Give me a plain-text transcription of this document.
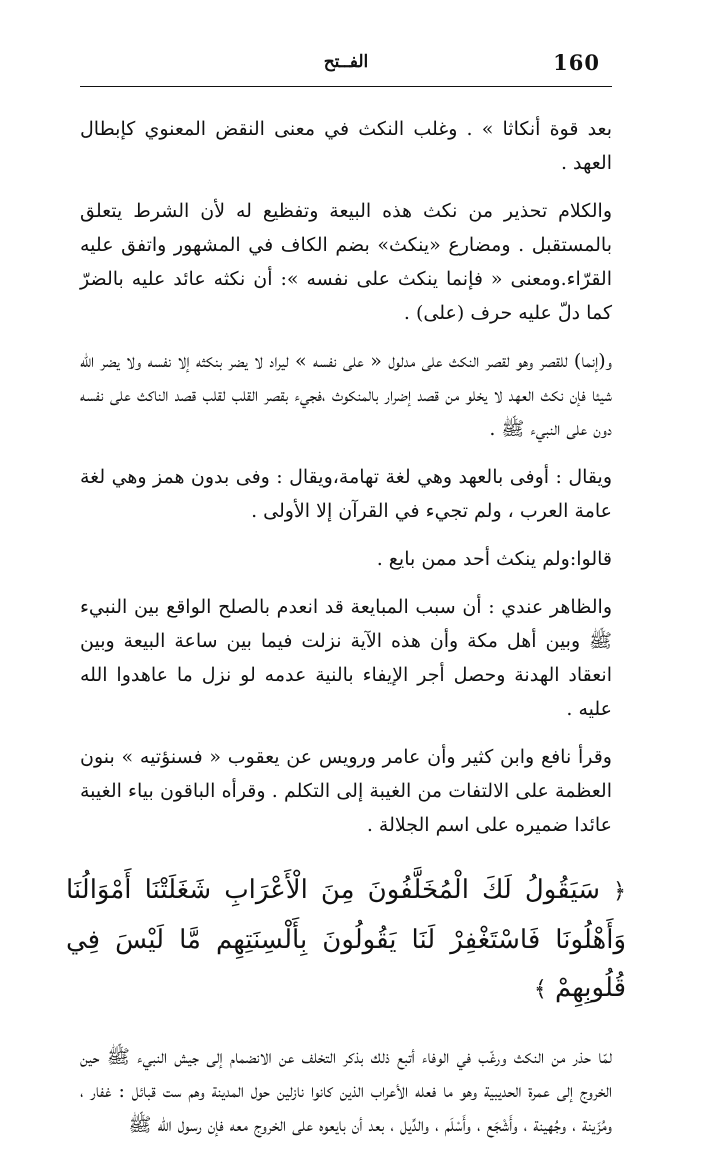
160
الفــتح

بعد قوة أنكاثا » . وغلب النكث في معنى النقض المعنوي كإبطال العهد .

والكلام تحذير من نكث هذه البيعة وتفظيع له لأن الشرط يتعلق بالمستقبل . ومضارع «ينكث» بضم الكاف في المشهور واتفق عليه القرّاء.ومعنى « فإنما ينكث على نفسه »: أن نكثه عائد عليه بالضرّ كما دلّ عليه حرف (على) .

و(إنما) للقصر وهو لقصر النكث على مدلول « على نفسه » ليراد لا يضر بنكثه إلا نفسه ولا يضر الله شيئا فإن نكث العهد لا يخلو من قصد إضرار بالمنكوث ،فجيء بقصر القلب لقلب قصد الناكث على نفسه دون على النبيء ﷺ .

ويقال : أوفى بالعهد وهي لغة تهامة،ويقال : وفى بدون همز وهي لغة عامة العرب ، ولم تجيء في القرآن إلا الأولى .

قالوا:ولم ينكث أحد ممن بايع .

والظاهر عندي : أن سبب المبايعة قد انعدم بالصلح الواقع بين النبيء ﷺ وبين أهل مكة وأن هذه الآية نزلت فيما بين ساعة البيعة وبين انعقاد الهدنة وحصل أجر الإيفاء بالنية عدمه لو نزل ما عاهدوا الله عليه .

وقرأ نافع وابن كثير وأن عامر ورويس عن يعقوب « فسنؤتيه » بنون العظمة على الالتفات من الغيبة إلى التكلم . وقرأه الباقون بياء الغيبة عائدا ضميره على اسم الجلالة .

﴿ سَيَقُولُ لَكَ الْمُخَلَّفُونَ مِنَ الْأَعْرَابِ شَغَلَتْنَا أَمْوَالُنَا وَأَهْلُونَا فَاسْتَغْفِرْ لَنَا يَقُولُونَ بِأَلْسِنَتِهِم مَّا لَيْسَ فِي قُلُوبِهِمْ ﴾

لمّا حذر من النكث ورغّب في الوفاء أتبع ذلك بذكر التخلف عن الانضمام إلى جيش النبيء ﷺ حين الخروج إلى عمرة الحديبية وهو ما فعله الأعراب الذين كانوا نازلين حول المدينة وهم ست قبائل : غفار ، ومُزَينة ، وجُهينة ، وأَشْجَع ، وأَسْلَم ، والدِّيل ، بعد أن بايعوه على الخروج معه فإن رسول الله ﷺ
